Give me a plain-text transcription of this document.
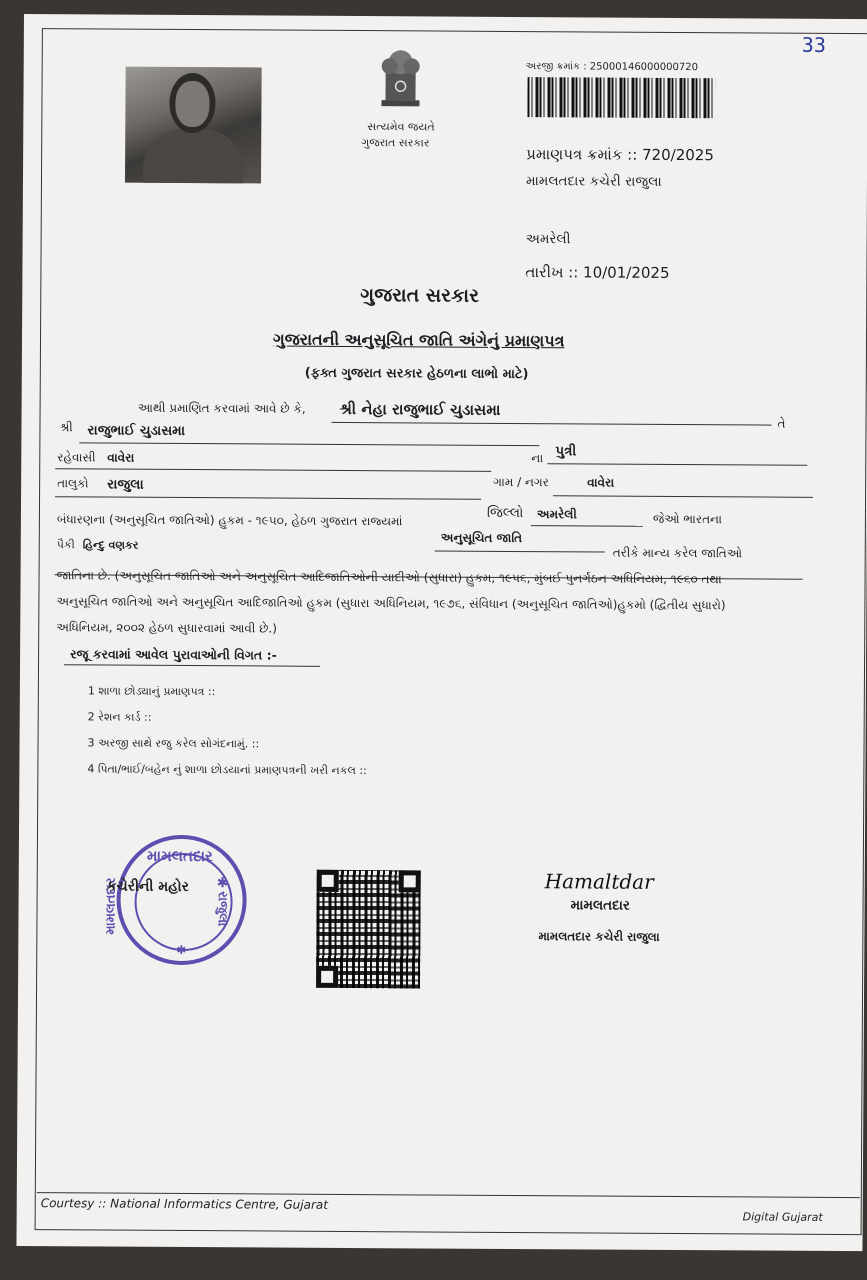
33
સત્યમેવ જયતે
ગુજરાત સરકાર
અરજી ક્રમાંક : 25000146000000720
પ્રમાણપત્ર ક્રમાંક :: 720/2025
મામલતદાર કચેરી રાજુલા
અમરેલી
તારીખ :: 10/01/2025
ગુજરાત સરકાર
ગુજરાતની અનુસૂચિત જાતિ અંગેનું પ્રમાણપત્ર
(ફક્ત ગુજરાત સરકાર હેઠળના લાભો માટે)
આથી પ્રમાણિત કરવામાં આવે છે કે, શ્રી નેહા રાજુભાઈ ચુડાસમા
તે
શ્રી રાજુભાઈ ચુડાસમા
ના પુત્રી
રહેવાસી વાવેરા
ગામ / નગર	વાવેરા
તાલુકો રાજુલા
જિલ્લો અમરેલી	જેઓ ભારતના
બંધારણના (અનુસૂચિત જાતિઓ) હુકમ - ૧૯૫૦, હેઠળ ગુજરાત રાજ્યમાં
અનુસૂચિત જાતિ
તરીકે માન્ય કરેલ જાતિઓ
પૈકી હિન્દુ વણકર
જાતિના છે. (અનુસૂચિત જાતિઓ અને અનુસૂચિત આદિજાતિઓની યાદીઓ (સુધારા) હુકમ, ૧૯૫૬, મુંબઈ પુનર્ગઠન અધિનિયમ, ૧૯૬૦ તથા
અનુસૂચિત જાતિઓ અને અનુસૂચિત આદિજાતિઓ હુકમ (સુધારા અધિનિયમ, ૧૯૭૬, સંવિધાન (અનુસૂચિત જાતિઓ)હુકમો (દ્વિતીય સુધારો)
અધિનિયમ, ૨૦૦૨ હેઠળ સુધારવામાં આવી છે.)
રજૂ કરવામાં આવેલ પુરાવાઓની વિગત :-
1 શાળા છોડ્યાનું પ્રમાણપત્ર ::
2 રેશન કાર્ડ ::
3 અરજી સાથે રજુ કરેલ સોગંદનામું. ::
4 પિતા/ભાઈ/બહેન નું શાળા છોડયાનાં પ્રમાણપત્રની ખરી નકલ ::
મામલતદાર
મામલતદાર	રાજુલા
✱
✱
કચેરીની મહોર	Hamaltdar
મામલતદાર
મામલતદાર કચેરી રાજુલા
Courtesy :: National Informatics Centre, Gujarat
Digital Gujarat
